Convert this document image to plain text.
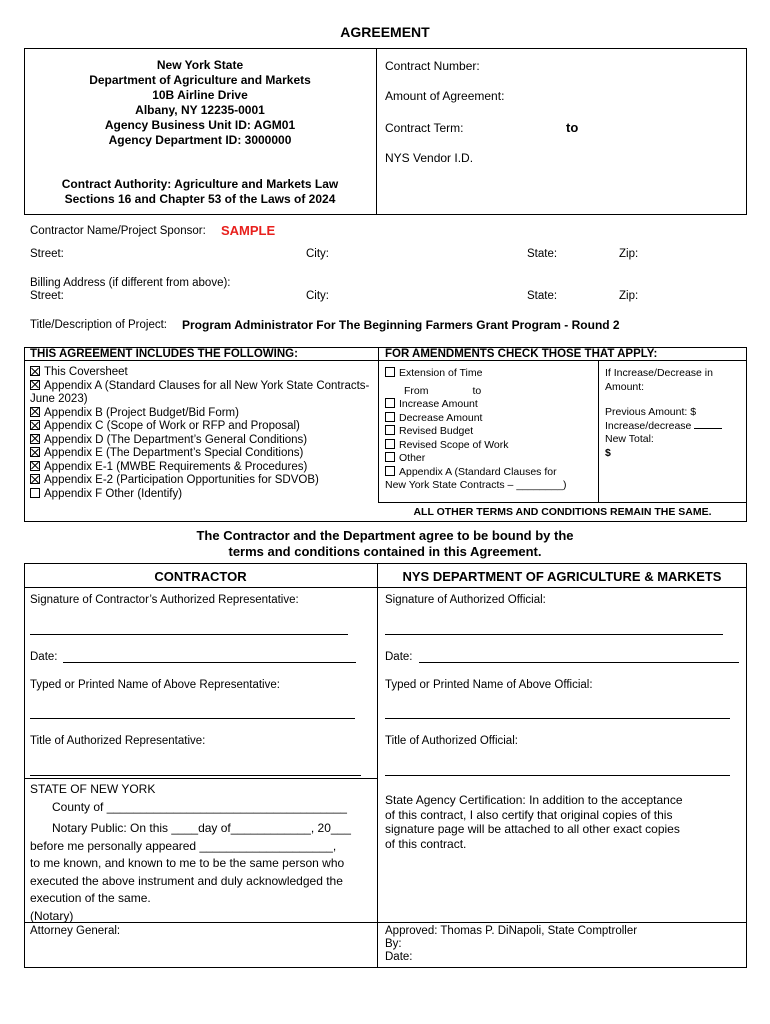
AGREEMENT
New York State
Department of Agriculture and Markets
10B Airline Drive
Albany, NY 12235-0001
Agency Business Unit ID: AGM01
Agency Department ID: 3000000
Contract Authority: Agriculture and Markets Law
Sections 16 and Chapter 53 of the Laws of 2024
Contract Number:
Amount of Agreement:
Contract Term:	to
NYS Vendor I.D.
Contractor Name/Project Sponsor: SAMPLE
Street:	City:	State:	Zip:
Billing Address (if different from above):
Street:	City:	State:	Zip:
Title/Description of Project: Program Administrator For The Beginning Farmers Grant Program - Round 2
THIS AGREEMENT INCLUDES THE FOLLOWING:	FOR AMENDMENTS CHECK THOSE THAT APPLY:
This Coversheet
Appendix A (Standard Clauses for all New York State Contracts-
June 2023)
Appendix B (Project Budget/Bid Form)
Appendix C (Scope of Work or RFP and Proposal)
Appendix D (The Department’s General Conditions)
Appendix E (The Department’s Special Conditions)
Appendix E-1 (MWBE Requirements & Procedures)
Appendix E-2 (Participation Opportunities for SDVOB)
Appendix F Other (Identify)
Extension of Time
From	to
Increase Amount
Decrease Amount
Revised Budget
Revised Scope of Work
Other
Appendix A (Standard Clauses for
New York State Contracts – ________)
If Increase/Decrease in
Amount:
Previous Amount: $
Increase/decrease
New Total:
$
ALL OTHER TERMS AND CONDITIONS REMAIN THE SAME.
The Contractor and the Department agree to be bound by the
terms and conditions contained in this Agreement.
CONTRACTOR	NYS DEPARTMENT OF AGRICULTURE & MARKETS
Signature of Contractor’s Authorized Representative:	Signature of Authorized Official:
Date:	Date:
Typed or Printed Name of Above Representative:	Typed or Printed Name of Above Official:
Title of Authorized Representative:	Title of Authorized Official:
STATE OF NEW YORK
County of ____________________________________
Notary Public: On this ____day of____________, 20___
before me personally appeared ____________________,
to me known, and known to me to be the same person who
executed the above instrument and duly acknowledged the
execution of the same.
(Notary)
State Agency Certification: In addition to the acceptance
of this contract, I also certify that original copies of this
signature page will be attached to all other exact copies
of this contract.
Attorney General:	Approved: Thomas P. DiNapoli, State Comptroller
By:
Date:
